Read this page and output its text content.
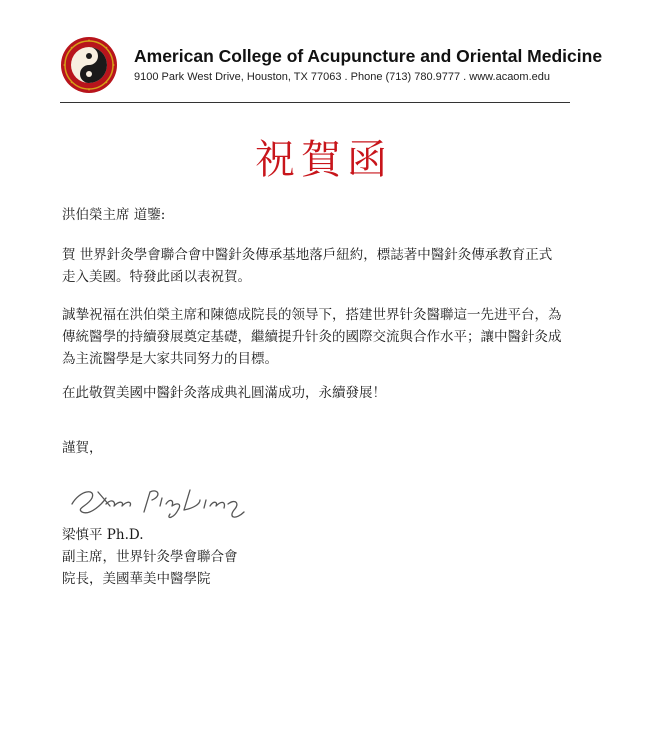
American College of Acupuncture and Oriental Medicine
9100 Park West Drive, Houston, TX 77063 . Phone (713) 780.9777 . www.acaom.edu
祝賀函
洪伯榮主席 道鑒:
賀 世界針灸學會聯合會中醫針灸傳承基地落戶紐約，標誌著中醫針灸傳承教育正式走入美國。特發此函以表祝賀。
誠摯祝福在洪伯榮主席和陳德成院長的领导下，搭建世界针灸醫聯這一先进平台，為傳統醫學的持續發展奠定基礎，繼續提升针灸的國際交流與合作水平；讓中醫針灸成為主流醫學是大家共同努力的目標。
在此敬賀美國中醫針灸落成典礼圓滿成功，永續發展！
謹賀，
梁慎平 Ph.D.
副主席，世界针灸學會聯合會
院長，美國華美中醫學院
